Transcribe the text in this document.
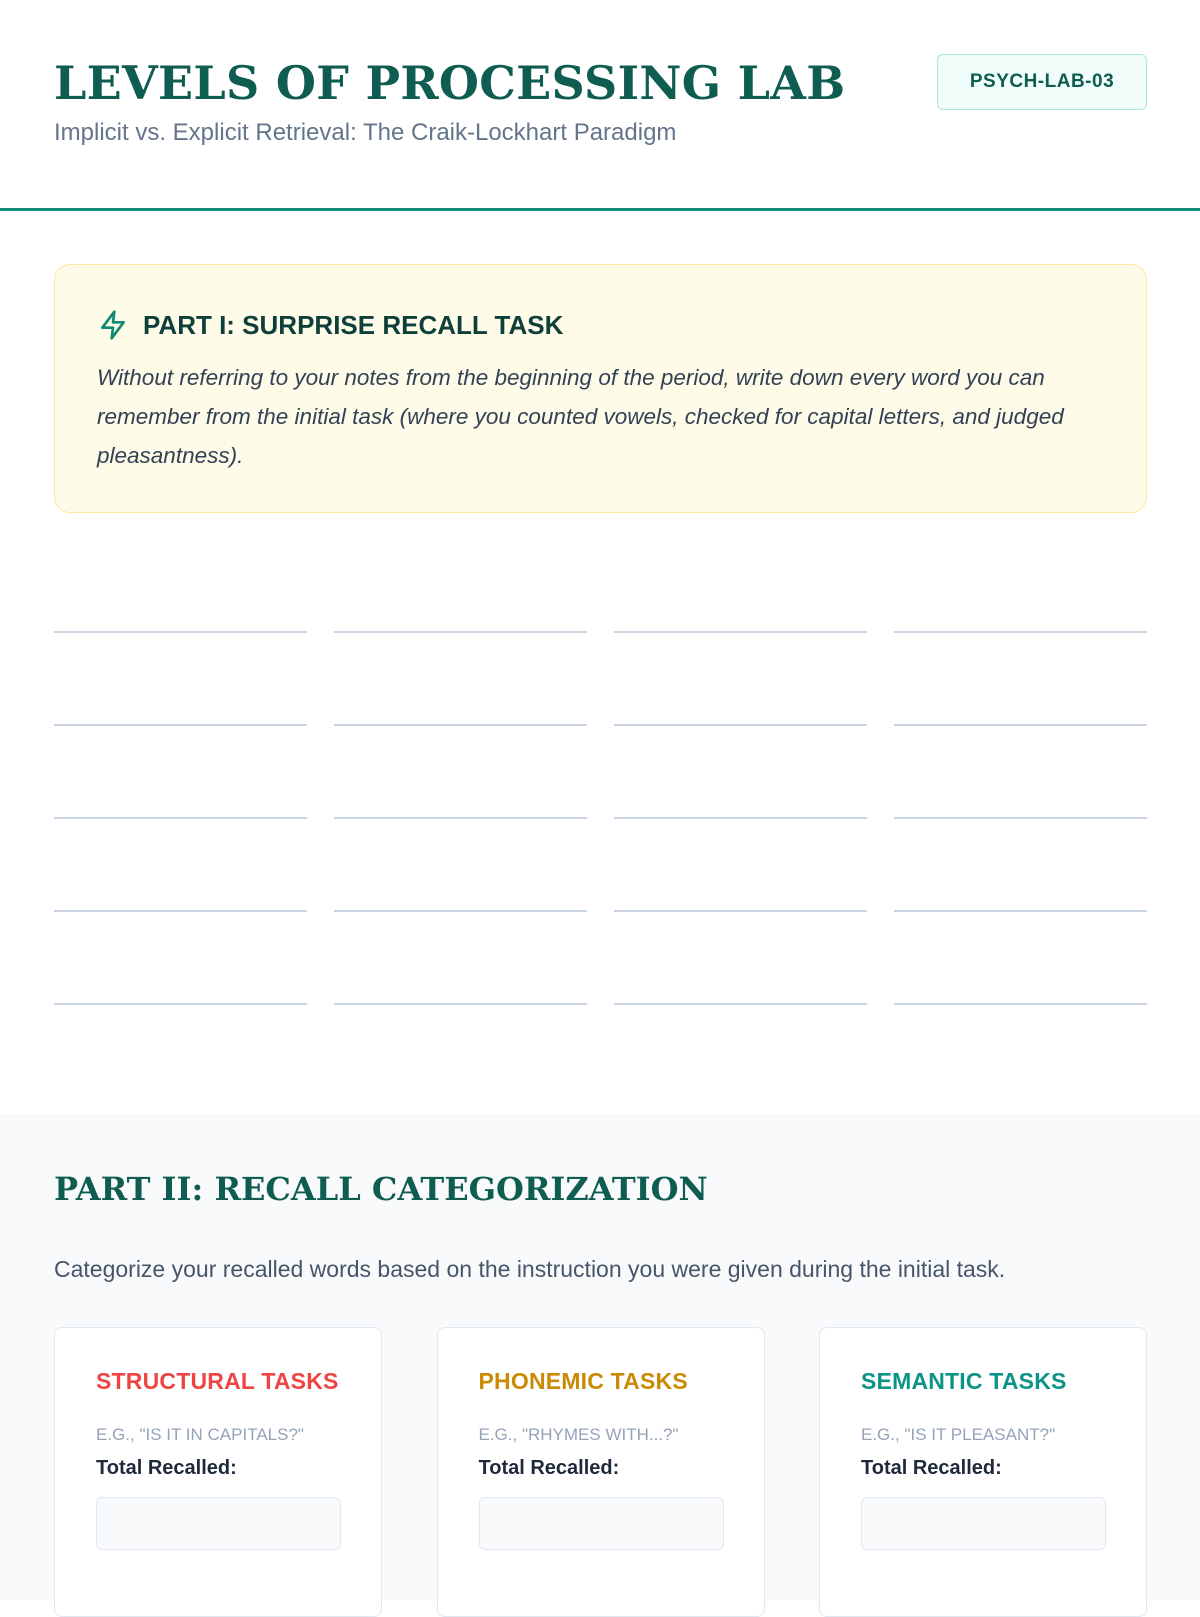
LEVELS OF PROCESSING LAB
Implicit vs. Explicit Retrieval: The Craik-Lockhart Paradigm
PSYCH-LAB-03
PART I: SURPRISE RECALL TASK

Without referring to your notes from the beginning of the period, write down every word you can remember from the initial task (where you counted vowels, checked for capital letters, and judged pleasantness).

PART II: RECALL CATEGORIZATION

Categorize your recalled words based on the instruction you were given during the initial task.

STRUCTURAL TASKS
E.G., "IS IT IN CAPITALS?"
Total Recalled:
PHONEMIC TASKS
E.G., "RHYMES WITH...?"
Total Recalled:
SEMANTIC TASKS
E.G., "IS IT PLEASANT?"
Total Recalled:
